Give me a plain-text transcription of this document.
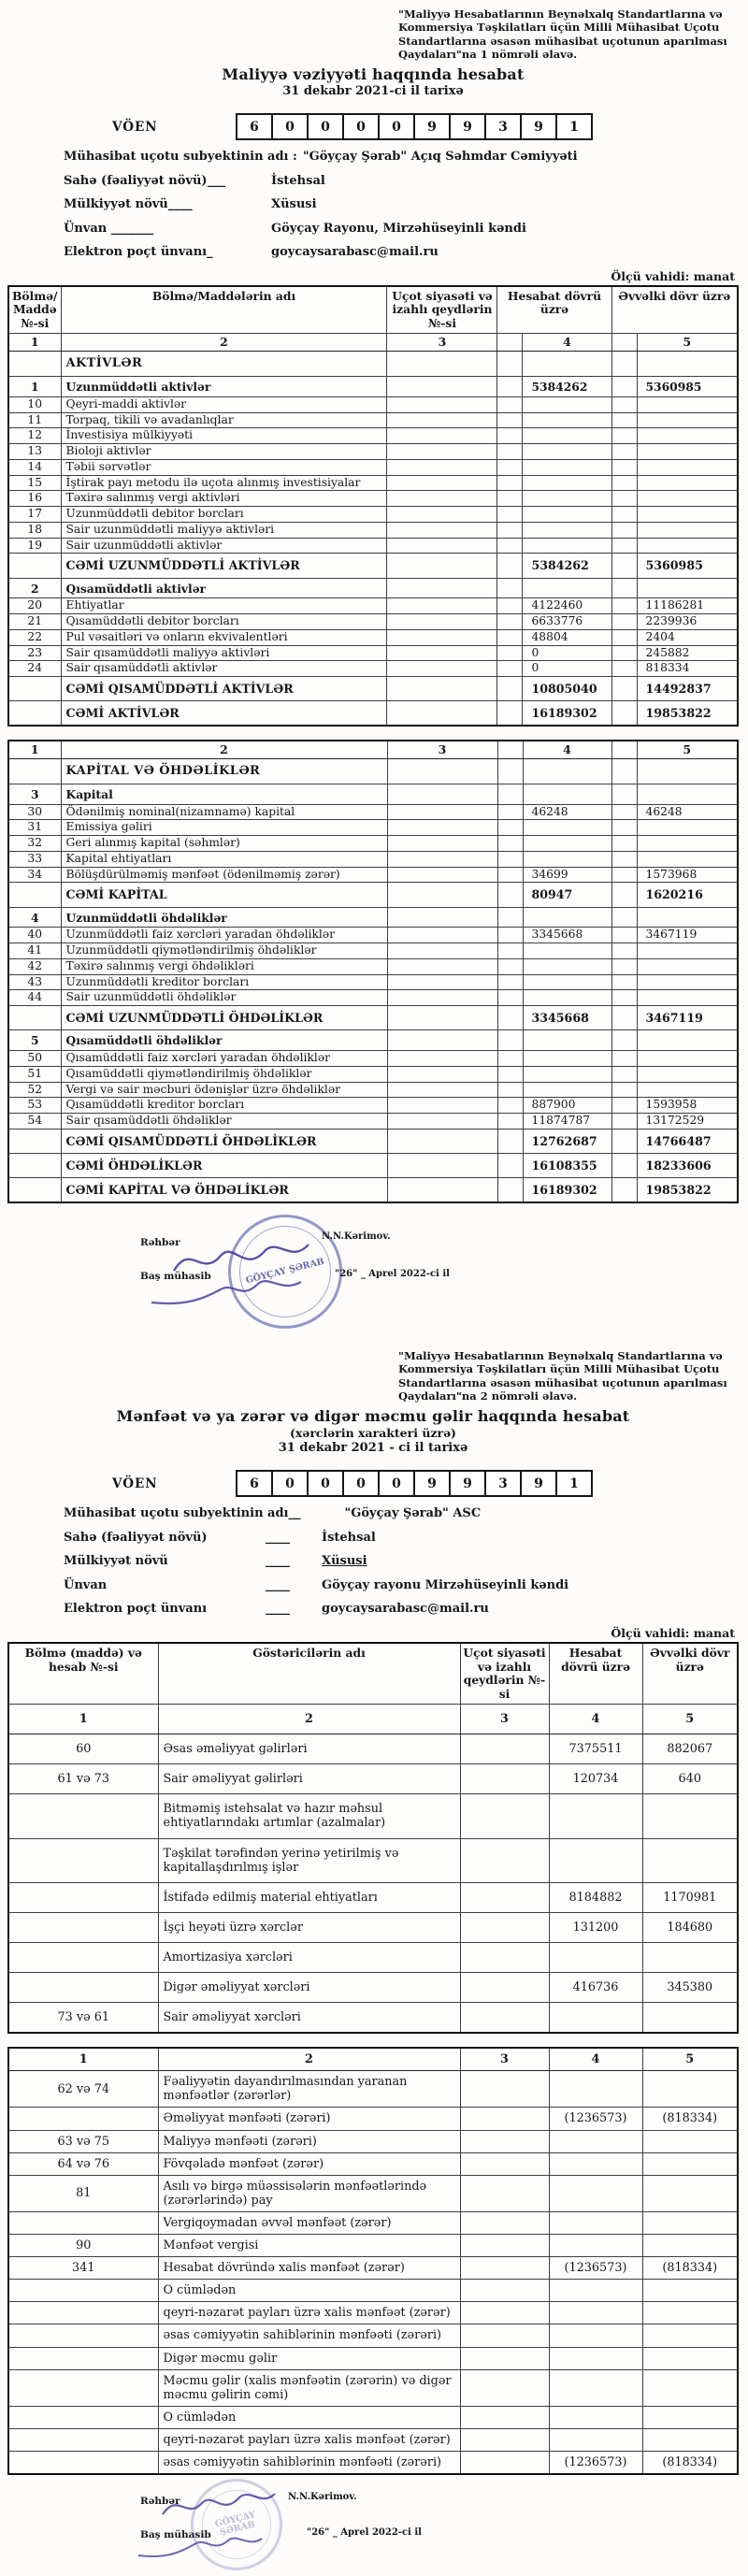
"Maliyyə Hesabatlarının Beynəlxalq Standartlarına və Kommersiya Təşkilatları üçün Milli Mühasibat Uçotu Standartlarına əsasən mühasibat uçotunun aparılması Qaydaları"na 1 nömrəli əlavə.
Maliyyə vəziyyəti haqqında hesabat
31 dekabr 2021-ci il tarixə
VÖEN	6	0	0	0	0	9	9	3	9	1
Mühasibat uçotu subyektinin adı : "Göyçay Şərab" Açıq Səhmdar Cəmiyyəti
Sahə (fəaliyyət növü)___	İstehsal
Mülkiyyət növü____	Xüsusi
Ünvan _______	Göyçay Rayonu, Mirzəhüseyinli kəndi
Elektron poçt ünvanı_	goycaysarabasc@mail.ru
Ölçü vahidi: manat
Bölmə/ Maddə №-si	Bölmə/Maddələrin adı	Uçot siyasəti və izahlı qeydlərin №-si	Hesabat dövrü üzrə		Əvvəlki dövr üzrə	
1	2	3		4		5
	AKTİVLƏR					
1	Uzunmüddətli aktivlər			5384262		5360985
10	Qeyri-maddi aktivlər					
11	Torpaq, tikili və avadanlıqlar					
12	İnvestisiya mülkiyyəti					
13	Bioloji aktivlər					
14	Təbii sərvətlər					
15	İştirak payı metodu ilə uçota alınmış investisiyalar					
16	Təxirə salınmış vergi aktivləri					
17	Uzunmüddətli debitor borcları					
18	Sair uzunmüddətli maliyyə aktivləri					
19	Sair uzunmüddətli aktivlər					
	CƏMİ UZUNMÜDDƏTLİ AKTİVLƏR			5384262		5360985
2	Qısamüddətli aktivlər					
20	Ehtiyatlar			4122460		11186281
21	Qısamüddətli debitor borcları			6633776		2239936
22	Pul vəsaitləri və onların ekvivalentləri			48804		2404
23	Sair qısamüddətli maliyyə aktivləri			0		245882
24	Sair qısamüddətli aktivlər			0		818334
	CƏMİ QISAMÜDDƏTLİ AKTİVLƏR			10805040		14492837
	CƏMİ AKTİVLƏR			16189302		19853822
1	2	3		4		5
	KAPİTAL VƏ ÖHDƏLİKLƏR					
3	Kapital					
30	Ödənilmiş nominal(nizamnamə) kapital			46248		46248
31	Emissiya gəliri					
32	Geri alınmış kapital (səhmlər)					
33	Kapital ehtiyatları					
34	Bölüşdürülməmiş mənfəət (ödənilməmiş zərər)			34699		1573968
	CƏMİ KAPİTAL			80947		1620216
4	Uzunmüddətli öhdəliklər					
40	Uzunmüddətli faiz xərcləri yaradan öhdəliklər			3345668		3467119
41	Uzunmüddətli qiymətləndirilmiş öhdəliklər					
42	Təxirə salınmış vergi öhdəlikləri					
43	Uzunmüddətli kreditor borcları					
44	Sair uzunmüddətli öhdəliklər					
	CƏMİ UZUNMÜDDƏTLİ ÖHDƏLİKLƏR			3345668		3467119
5	Qısamüddətli öhdəliklər					
50	Qısamüddətli faiz xərcləri yaradan öhdəliklər					
51	Qısamüddətli qiymətləndirilmiş öhdəliklər					
52	Vergi və sair məcburi ödənişlər üzrə öhdəliklər					
53	Qısamüddətli kreditor borcları			887900		1593958
54	Sair qısamüddətli öhdəliklər			11874787		13172529
	CƏMİ QISAMÜDDƏTLİ ÖHDƏLİKLƏR			12762687		14766487
	CƏMİ ÖHDƏLİKLƏR			16108355		18233606
	CƏMİ KAPİTAL VƏ ÖHDƏLİKLƏR			16189302		19853822
Rəhbər
Baş mühasib	GÖYÇAY ŞƏRAB
N.N.Kərimov.
"26" _ Aprel 2022-ci il
"Maliyyə Hesabatlarının Beynəlxalq Standartlarına və Kommersiya Təşkilatları üçün Milli Mühasibat Uçotu Standartlarına əsasən mühasibat uçotunun aparılması Qaydaları"na 2 nömrəli əlavə.
Mənfəət və ya zərər və digər məcmu gəlir haqqında hesabat
(xərclərin xarakteri üzrə)
31 dekabr 2021 - ci il tarixə
VÖEN	6	0	0	0	0	9	9	3	9	1
Mühasibat uçotu subyektinin adı __	"Göyçay Şərab" ASC
Sahə (fəaliyyət növü)	____	İstehsal
Mülkiyyət növü	____	Xüsusi
Ünvan	____	Göyçay rayonu Mirzəhüseyinli kəndi
Elektron poçt ünvanı	____	goycaysarabasc@mail.ru
Ölçü vahidi: manat
Bölmə (maddə) və hesab №-si	Göstəricilərin adı	Uçot siyasəti və izahlı qeydlərin №-si	Hesabat dövrü üzrə	Əvvəlki dövr üzrə
1	2	3	4	5
60	Əsas əməliyyat gəlirləri		7375511	882067
61 və 73	Sair əməliyyat gəlirləri		120734	640
	Bitməmiş istehsalat və hazır məhsul ehtiyatlarındakı artımlar (azalmalar)			
	Təşkilat tərəfindən yerinə yetirilmiş və kapitallaşdırılmış işlər			
	İstifadə edilmiş material ehtiyatları		8184882	1170981
	İşçi heyəti üzrə xərclər		131200	184680
	Amortizasiya xərcləri			
	Digər əməliyyat xərcləri		416736	345380
73 və 61	Sair əməliyyat xərcləri			
1	2	3	4	5
62 və 74	Fəaliyyətin dayandırılmasından yaranan mənfəətlər (zərərlər)			
	Əməliyyat mənfəəti (zərəri)		(1236573)	(818334)
63 və 75	Maliyyə mənfəəti (zərəri)			
64 və 76	Fövqəladə mənfəət (zərər)			
81	Asılı və birgə müəssisələrin mənfəətlərində (zərərlərində) pay			
	Vergiqoymadan əvvəl mənfəət (zərər)			
90	Mənfəət vergisi			
341	Hesabat dövründə xalis mənfəət (zərər)		(1236573)	(818334)
	O cümlədən			
	qeyri-nəzarət payları üzrə xalis mənfəət (zərər)			
	əsas cəmiyyətin sahiblərinin mənfəəti (zərəri)			
	Digər məcmu gəlir			
	Məcmu gəlir (xalis mənfəətin (zərərin) və digər məcmu gəlirin cəmi)			
	O cümlədən			
	qeyri-nəzarət payları üzrə xalis mənfəət (zərər)			
	əsas cəmiyyətin sahiblərinin mənfəəti (zərəri)		(1236573)	(818334)
Rəhbər
Baş mühasib
GÖYÇAY ŞƏRAB
N.N.Kərimov.
"26" _ Aprel 2022-ci il
